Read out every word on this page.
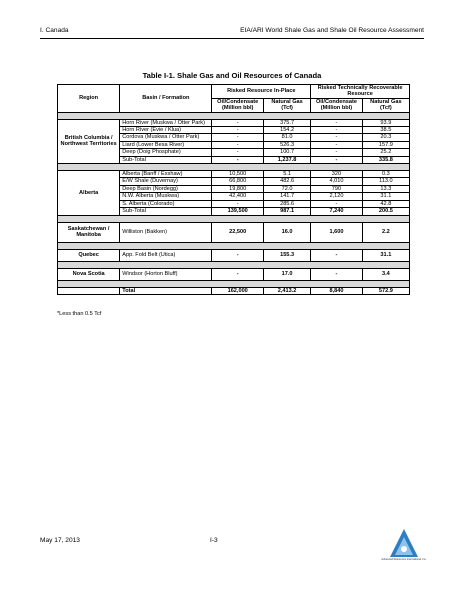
I. Canada	EIA/ARI World Shale Gas and Shale Oil Resource Assessment
Table I-1. Shale Gas and Oil Resources of Canada
Region	Basin / Formation	Risked Resource In-Place		Risked Technically Recoverable Resource	
		Oil/Condensate (Million bbl)	Natural Gas (Tcf)	Oil/Condensate (Million bbl)	Natural Gas (Tcf)

British Columbia / Northwest Territories	Horn River (Muskwa / Otter Park)	-	375.7	-	93.9
	Horn River (Evie / Klua)	-	154.2	-	38.5
	Cordova (Muskwa / Otter Park)	-	81.0	-	20.3
	Liard (Lower Besa River)	-	526.3	-	157.9
	Deep (Doig Phosphate)	-	100.7	-	25.2
	Sub-Total	-	1,237.8	-	335.8

Alberta	Alberta (Banff / Exshaw)	10,500	5.1	320	0.3
	E/W Shale (Duvernay)	66,800	482.6	4,010	113.0
	Deep Basin (Nordegg)	19,800	72.0	790	13.3
	N.W. Alberta (Muskwa)	42,400	141.7	2,120	31.1
	S. Alberta (Colorado)	-	285.6	-	42.8
	Sub-Total	139,500	987.1	7,240	200.5

Saskatchewan / Manitoba	Williston (Bakken)	22,500	16.0	1,600	2.2

Quebec	App. Fold Belt (Utica)	-	155.3	-	31.1

Nova Scotia	Windsor (Horton Bluff)	-	17.0	-	3.4

	Total	162,000	2,413.2	8,840	572.9
*Less than 0.5 Tcf
May 17, 2013	I-3
Advanced Resources International, Inc.
